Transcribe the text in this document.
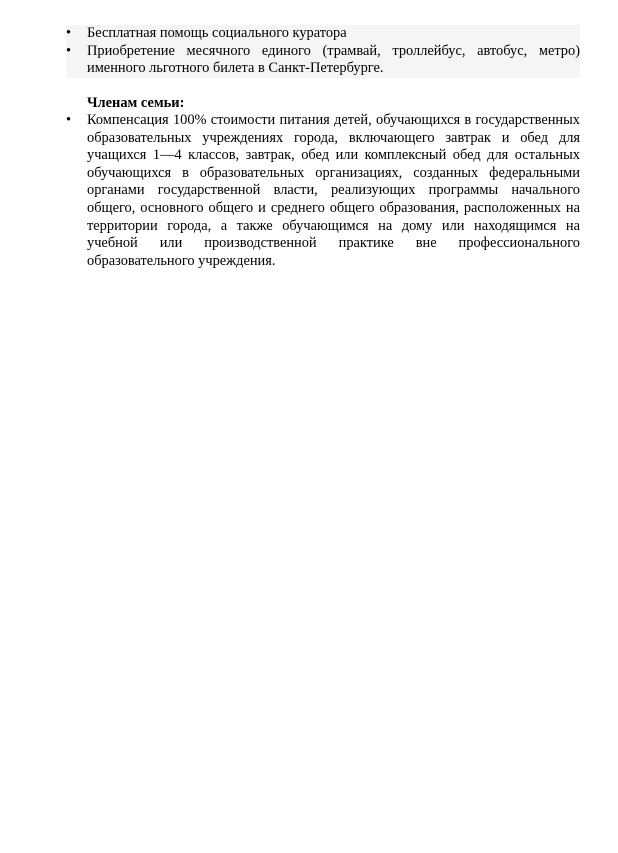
•	Бесплатная помощь социального куратора
•	Приобретение месячного единого (трамвай, троллейбус, автобус, метро) именного льготного билета в Санкт-Петербурге.

Членам семьи:

•	Компенсация 100% стоимости питания детей, обучающихся в государственных образовательных учреждениях города, включающего завтрак и обед для учащихся 1—4 классов, завтрак, обед или комплексный обед для остальных обучающихся в образовательных организациях, созданных федеральными органами государственной власти, реализующих программы начального общего, основного общего и среднего общего образования, расположенных на территории города, а также обучающимся на дому или находящимся на учебной или производственной практике вне профессионального образовательного учреждения.
